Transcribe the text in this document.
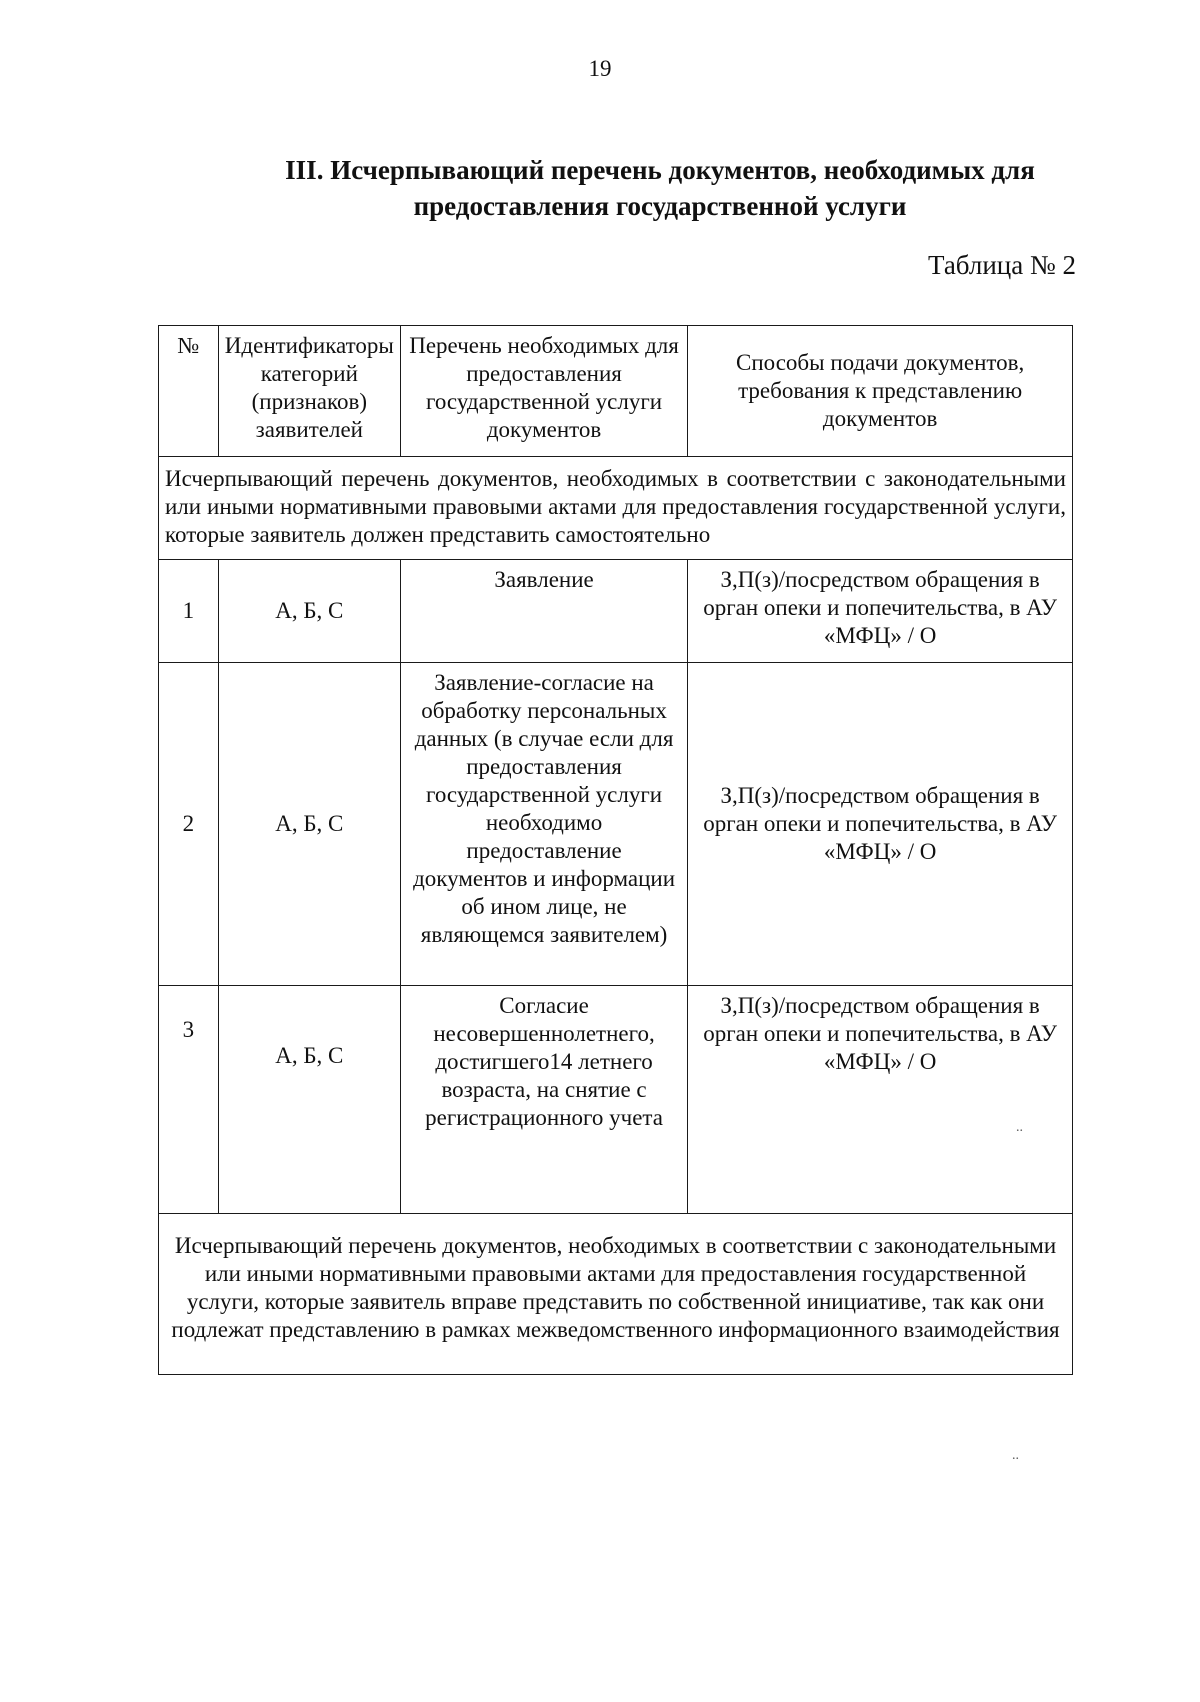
19
III. Исчерпывающий перечень документов, необходимых для
предоставления государственной услуги
Таблица № 2
№	Идентификаторы категорий (признаков) заявителей	Перечень необходимых для предоставления государственной услуги документов	Способы подачи документов, требования к представлению документов
Исчерпывающий перечень документов, необходимых в соответствии с законодательными или иными нормативными правовыми актами для предоставления государственной услуги, которые заявитель должен представить самостоятельно			
1	А, Б, С	Заявление	З,П(з)/посредством обращения в орган опеки и попечительства, в АУ «МФЦ» / О
2	А, Б, С	Заявление-согласие на обработку персональных данных (в случае если для предоставления государственной услуги необходимо предоставление документов и информации об ином лице, не являющемся заявителем)	З,П(з)/посредством обращения в орган опеки и попечительства, в АУ «МФЦ» / О
3	А, Б, С	Согласие несовершеннолетнего, достигшего14 летнего возраста, на снятие с регистрационного учета	З,П(з)/посредством обращения в орган опеки и попечительства, в АУ «МФЦ» / О
Исчерпывающий перечень документов, необходимых в соответствии с законодательными или иными нормативными правовыми актами для предоставления государственной услуги, которые заявитель вправе представить по собственной инициативе, так как они подлежат представлению в рамках межведомственного информационного взаимодействия			
..
..
